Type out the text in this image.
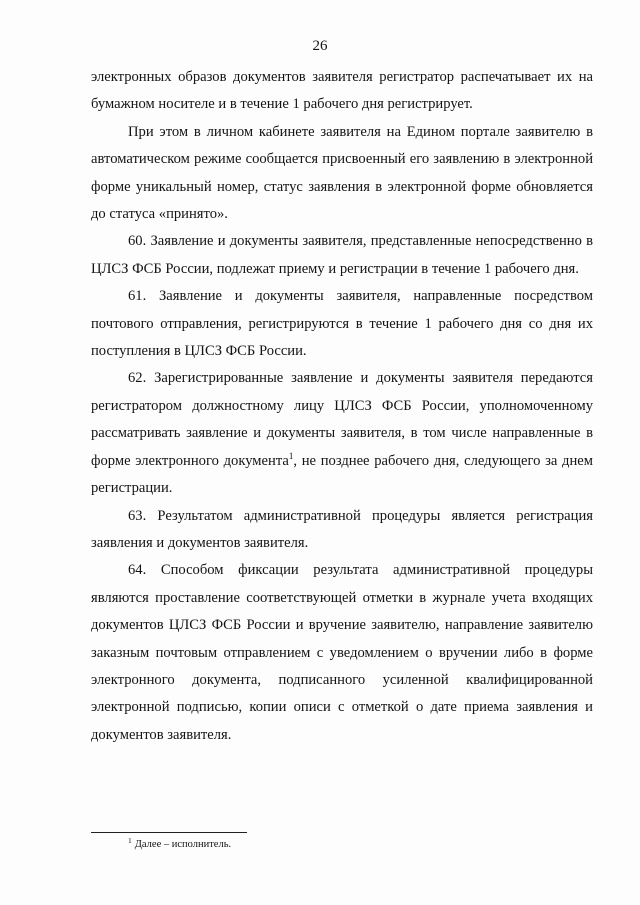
26

электронных образов документов заявителя регистратор распечатывает их на бумажном носителе и в течение 1 рабочего дня регистрирует.

При этом в личном кабинете заявителя на Едином портале заявителю в автоматическом режиме сообщается присвоенный его заявлению в электронной форме уникальный номер, статус заявления в электронной форме обновляется до статуса «принято».

60. Заявление и документы заявителя, представленные непосредственно в ЦЛСЗ ФСБ России, подлежат приему и регистрации в течение 1 рабочего дня.

61. Заявление и документы заявителя, направленные посредством почтового отправления, регистрируются в течение 1 рабочего дня со дня их поступления в ЦЛСЗ ФСБ России.

62. Зарегистрированные заявление и документы заявителя передаются регистратором должностному лицу ЦЛСЗ ФСБ России, уполномоченному рассматривать заявление и документы заявителя, в том числе направленные в форме электронного документа$^1$, не позднее рабочего дня, следующего за днем регистрации.

63. Результатом административной процедуры является регистрация заявления и документов заявителя.

64. Способом фиксации результата административной процедуры являются проставление соответствующей отметки в журнале учета входящих документов ЦЛСЗ ФСБ России и вручение заявителю, направление заявителю заказным почтовым отправлением с уведомлением о вручении либо в форме электронного документа, подписанного усиленной квалифицированной электронной подписью, копии описи с отметкой о дате приема заявления и документов заявителя.

$^1$ Далее – исполнитель.
